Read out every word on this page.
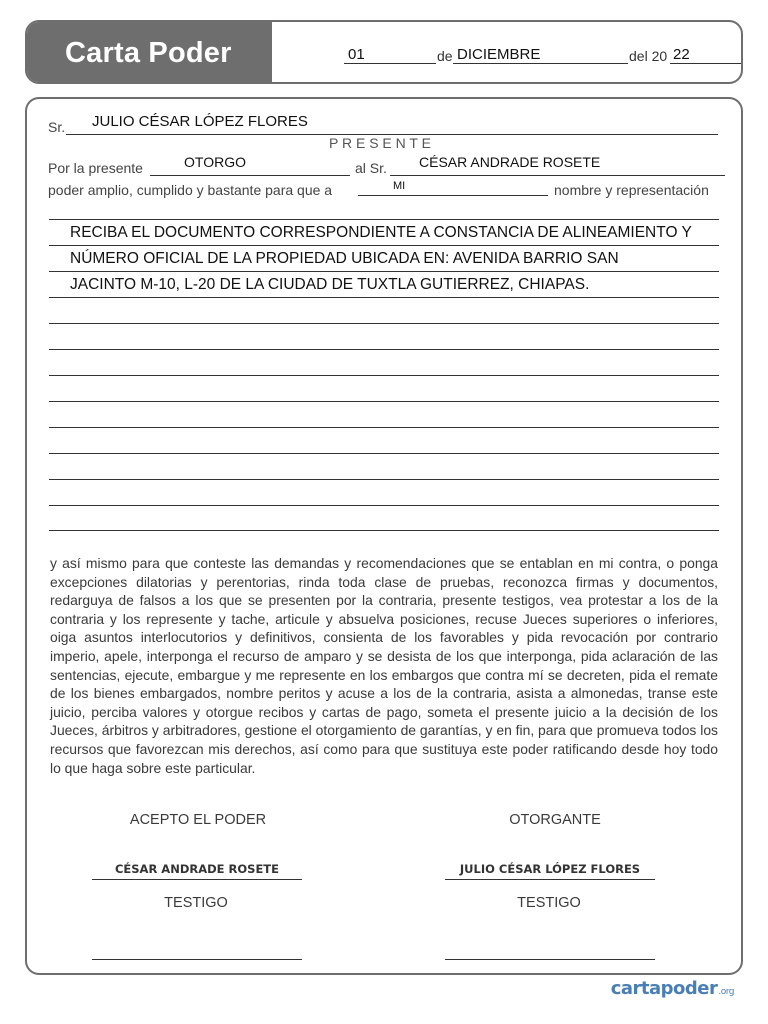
Carta Poder	01	de DICIEMBRE	del 20 22
Sr. JULIO CÉSAR LÓPEZ FLORES
P R E S E N T E
Por la presente	OTORGO	al Sr. CÉSAR ANDRADE ROSETE
poder amplio, cumplido y bastante para que a	MI	nombre y representación
RECIBA EL DOCUMENTO CORRESPONDIENTE A CONSTANCIA DE ALINEAMIENTO Y
NÚMERO OFICIAL DE LA PROPIEDAD UBICADA EN: AVENIDA BARRIO SAN
JACINTO M-10, L-20 DE LA CIUDAD DE TUXTLA GUTIERREZ, CHIAPAS.

y así mismo para que conteste las demandas y recomendaciones que se entablan en mi contra, o ponga excepciones dilatorias y perentorias, rinda toda clase de pruebas, reconozca firmas y documentos, redarguya de falsos a los que se presenten por la contraria, presente testigos, vea protestar a los de la contraria y los represente y tache, articule y absuelva posiciones, recuse Jueces superiores o inferiores, oiga asuntos interlocutorios y definitivos, consienta de los favorables y pida revocación por contrario imperio, apele, interponga el recurso de amparo y se desista de los que interponga, pida aclaración de las sentencias, ejecute, embargue y me represente en los embargos que contra mí se decreten, pida el remate de los bienes embargados, nombre peritos y acuse a los de la contraria, asista a almonedas, transe este juicio, perciba valores y otorgue recibos y cartas de pago, someta el presente juicio a la decisión de los Jueces, árbitros y arbitradores, gestione el otorgamiento de garantías, y en fin, para que promueva todos los recursos que favorezcan mis derechos, así como para que sustituya este poder ratificando desde hoy todo lo que haga sobre este particular.

ACEPTO EL PODER	OTORGANTE
CÉSAR ANDRADE ROSETE	JULIO CÉSAR LÓPEZ FLORES
TESTIGO	TESTIGO
cartapoder.org
